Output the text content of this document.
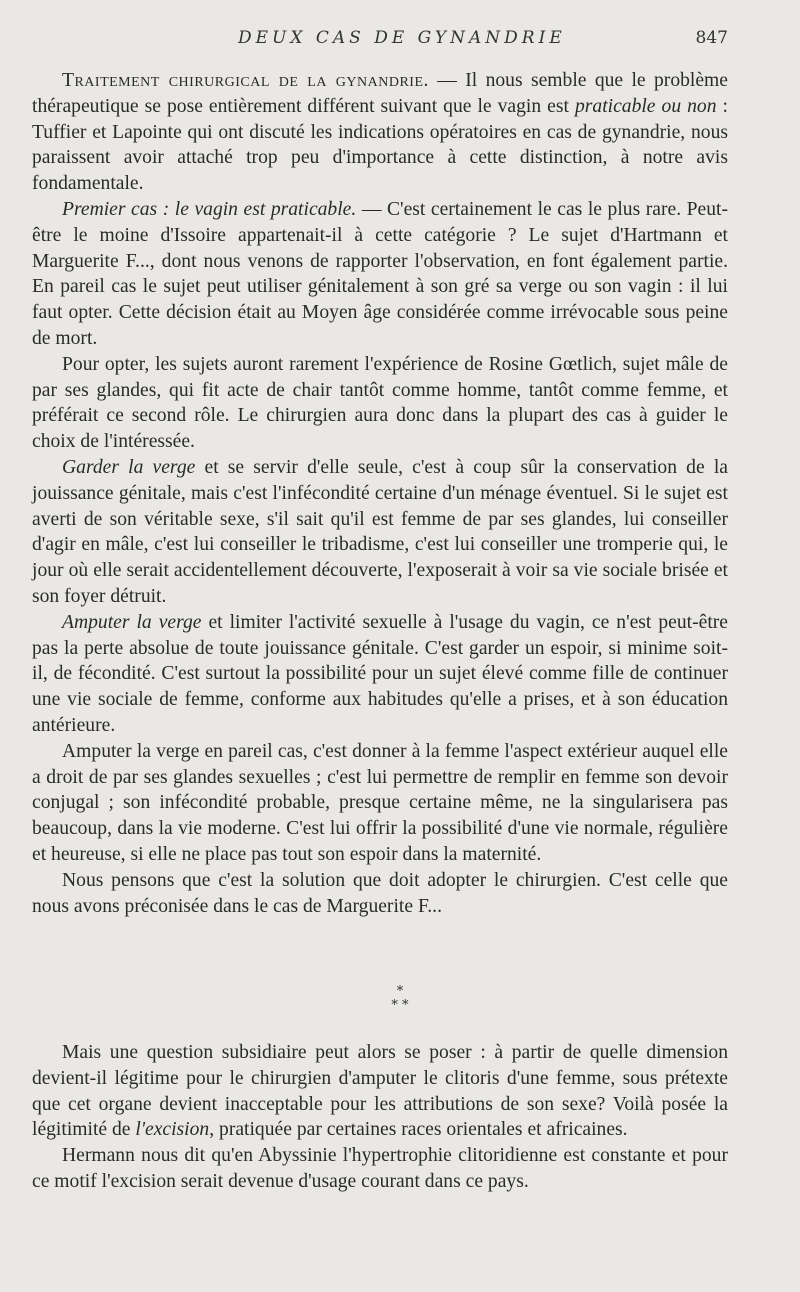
DEUX CAS DE GYNANDRIE	847

Traitement chirurgical de la gynandrie. — Il nous semble que le problème thérapeutique se pose entièrement différent suivant que le vagin est praticable ou non : Tuffier et Lapointe qui ont discuté les indications opératoires en cas de gynandrie, nous paraissent avoir attaché trop peu d'importance à cette distinction, à notre avis fondamentale.

Premier cas : le vagin est praticable. — C'est certainement le cas le plus rare. Peut-être le moine d'Issoire appartenait-il à cette catégorie ? Le sujet d'Hartmann et Marguerite F..., dont nous venons de rapporter l'observation, en font également partie. En pareil cas le sujet peut utiliser génitalement à son gré sa verge ou son vagin : il lui faut opter. Cette décision était au Moyen âge considérée comme irrévocable sous peine de mort.

Pour opter, les sujets auront rarement l'expérience de Rosine Gœtlich, sujet mâle de par ses glandes, qui fit acte de chair tantôt comme homme, tantôt comme femme, et préférait ce second rôle. Le chirurgien aura donc dans la plupart des cas à guider le choix de l'intéressée.

Garder la verge et se servir d'elle seule, c'est à coup sûr la conservation de la jouissance génitale, mais c'est l'infécondité certaine d'un ménage éventuel. Si le sujet est averti de son véritable sexe, s'il sait qu'il est femme de par ses glandes, lui conseiller d'agir en mâle, c'est lui conseiller le tribadisme, c'est lui conseiller une tromperie qui, le jour où elle serait accidentellement découverte, l'exposerait à voir sa vie sociale brisée et son foyer détruit.

Amputer la verge et limiter l'activité sexuelle à l'usage du vagin, ce n'est peut-être pas la perte absolue de toute jouissance génitale. C'est garder un espoir, si minime soit-il, de fécondité. C'est surtout la possibilité pour un sujet élevé comme fille de continuer une vie sociale de femme, conforme aux habitudes qu'elle a prises, et à son éducation antérieure.

Amputer la verge en pareil cas, c'est donner à la femme l'aspect extérieur auquel elle a droit de par ses glandes sexuelles ; c'est lui permettre de remplir en femme son devoir conjugal ; son infécondité probable, presque certaine même, ne la singularisera pas beaucoup, dans la vie moderne. C'est lui offrir la possibilité d'une vie normale, régulière et heureuse, si elle ne place pas tout son espoir dans la maternité.

Nous pensons que c'est la solution que doit adopter le chirurgien. C'est celle que nous avons préconisée dans le cas de Marguerite F...

*
* *

Mais une question subsidiaire peut alors se poser : à partir de quelle dimension devient-il légitime pour le chirurgien d'amputer le clitoris d'une femme, sous prétexte que cet organe devient inacceptable pour les attributions de son sexe? Voilà posée la légitimité de l'excision, pratiquée par certaines races orientales et africaines.

Hermann nous dit qu'en Abyssinie l'hypertrophie clitoridienne est constante et pour ce motif l'excision serait devenue d'usage courant dans ce pays.
